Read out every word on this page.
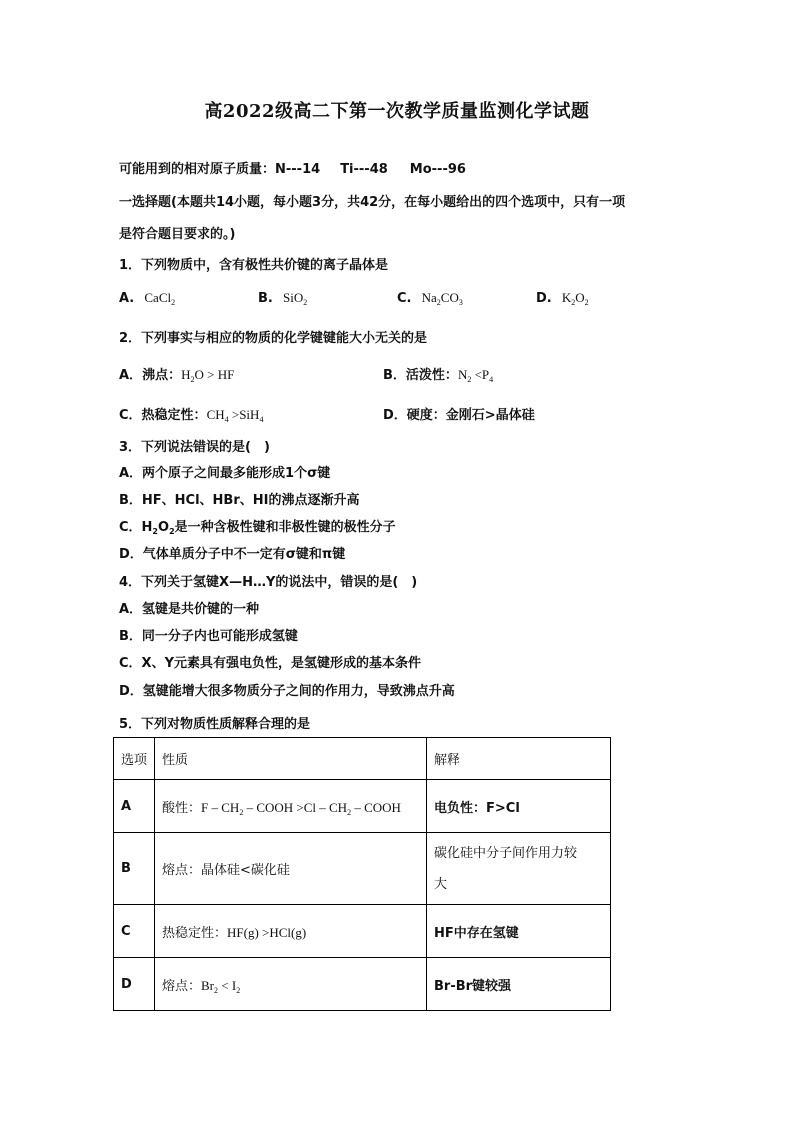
高2022级高二下第一次教学质量监测化学试题
可能用到的相对原子质量：N---14 Ti---48 Mo---96
一选择题(本题共14小题，每小题3分，共42分，在每小题给出的四个选项中，只有一项
是符合题目要求的。)
1．下列物质中，含有极性共价键的离子晶体是
A. CaCl$_2$	B. SiO$_2$	C. $Na_2CO_3$	D. $K_2O_2$
2．下列事实与相应的物质的化学键键能大小无关的是
A．沸点：$H_2O$ > HF	B．活泼性：$N_2 <P_4$
C．热稳定性：$CH_4 >SiH_4$	D．硬度：金刚石>晶体硅
3．下列说法错误的是(　)
A．两个原子之间最多能形成1个σ键
B．HF、HCl、HBr、HI的沸点逐渐升高
C．$H_2O_2$是一种含极性键和非极性键的极性分子
D．气体单质分子中不一定有σ键和π键
4．下列关于氢键X—H…Y的说法中，错误的是(　)
A．氢键是共价键的一种
B．同一分子内也可能形成氢键
C．X、Y元素具有强电负性，是氢键形成的基本条件
D．氢键能增大很多物质分子之间的作用力，导致沸点升高
5．下列对物质性质解释合理的是
选项	性质	解释
A	酸性：F – $CH_2$ – COOH $>Cl - CH_2$ – COOH	电负性：F>Cl
B	熔点：晶体硅<碳化硅	碳化硅中分子间作用力较
大

C	热稳定性：HF(g) >HCl(g)	HF中存在氢键
D	熔点：$Br_2 < I_2$	Br-Br键较强
